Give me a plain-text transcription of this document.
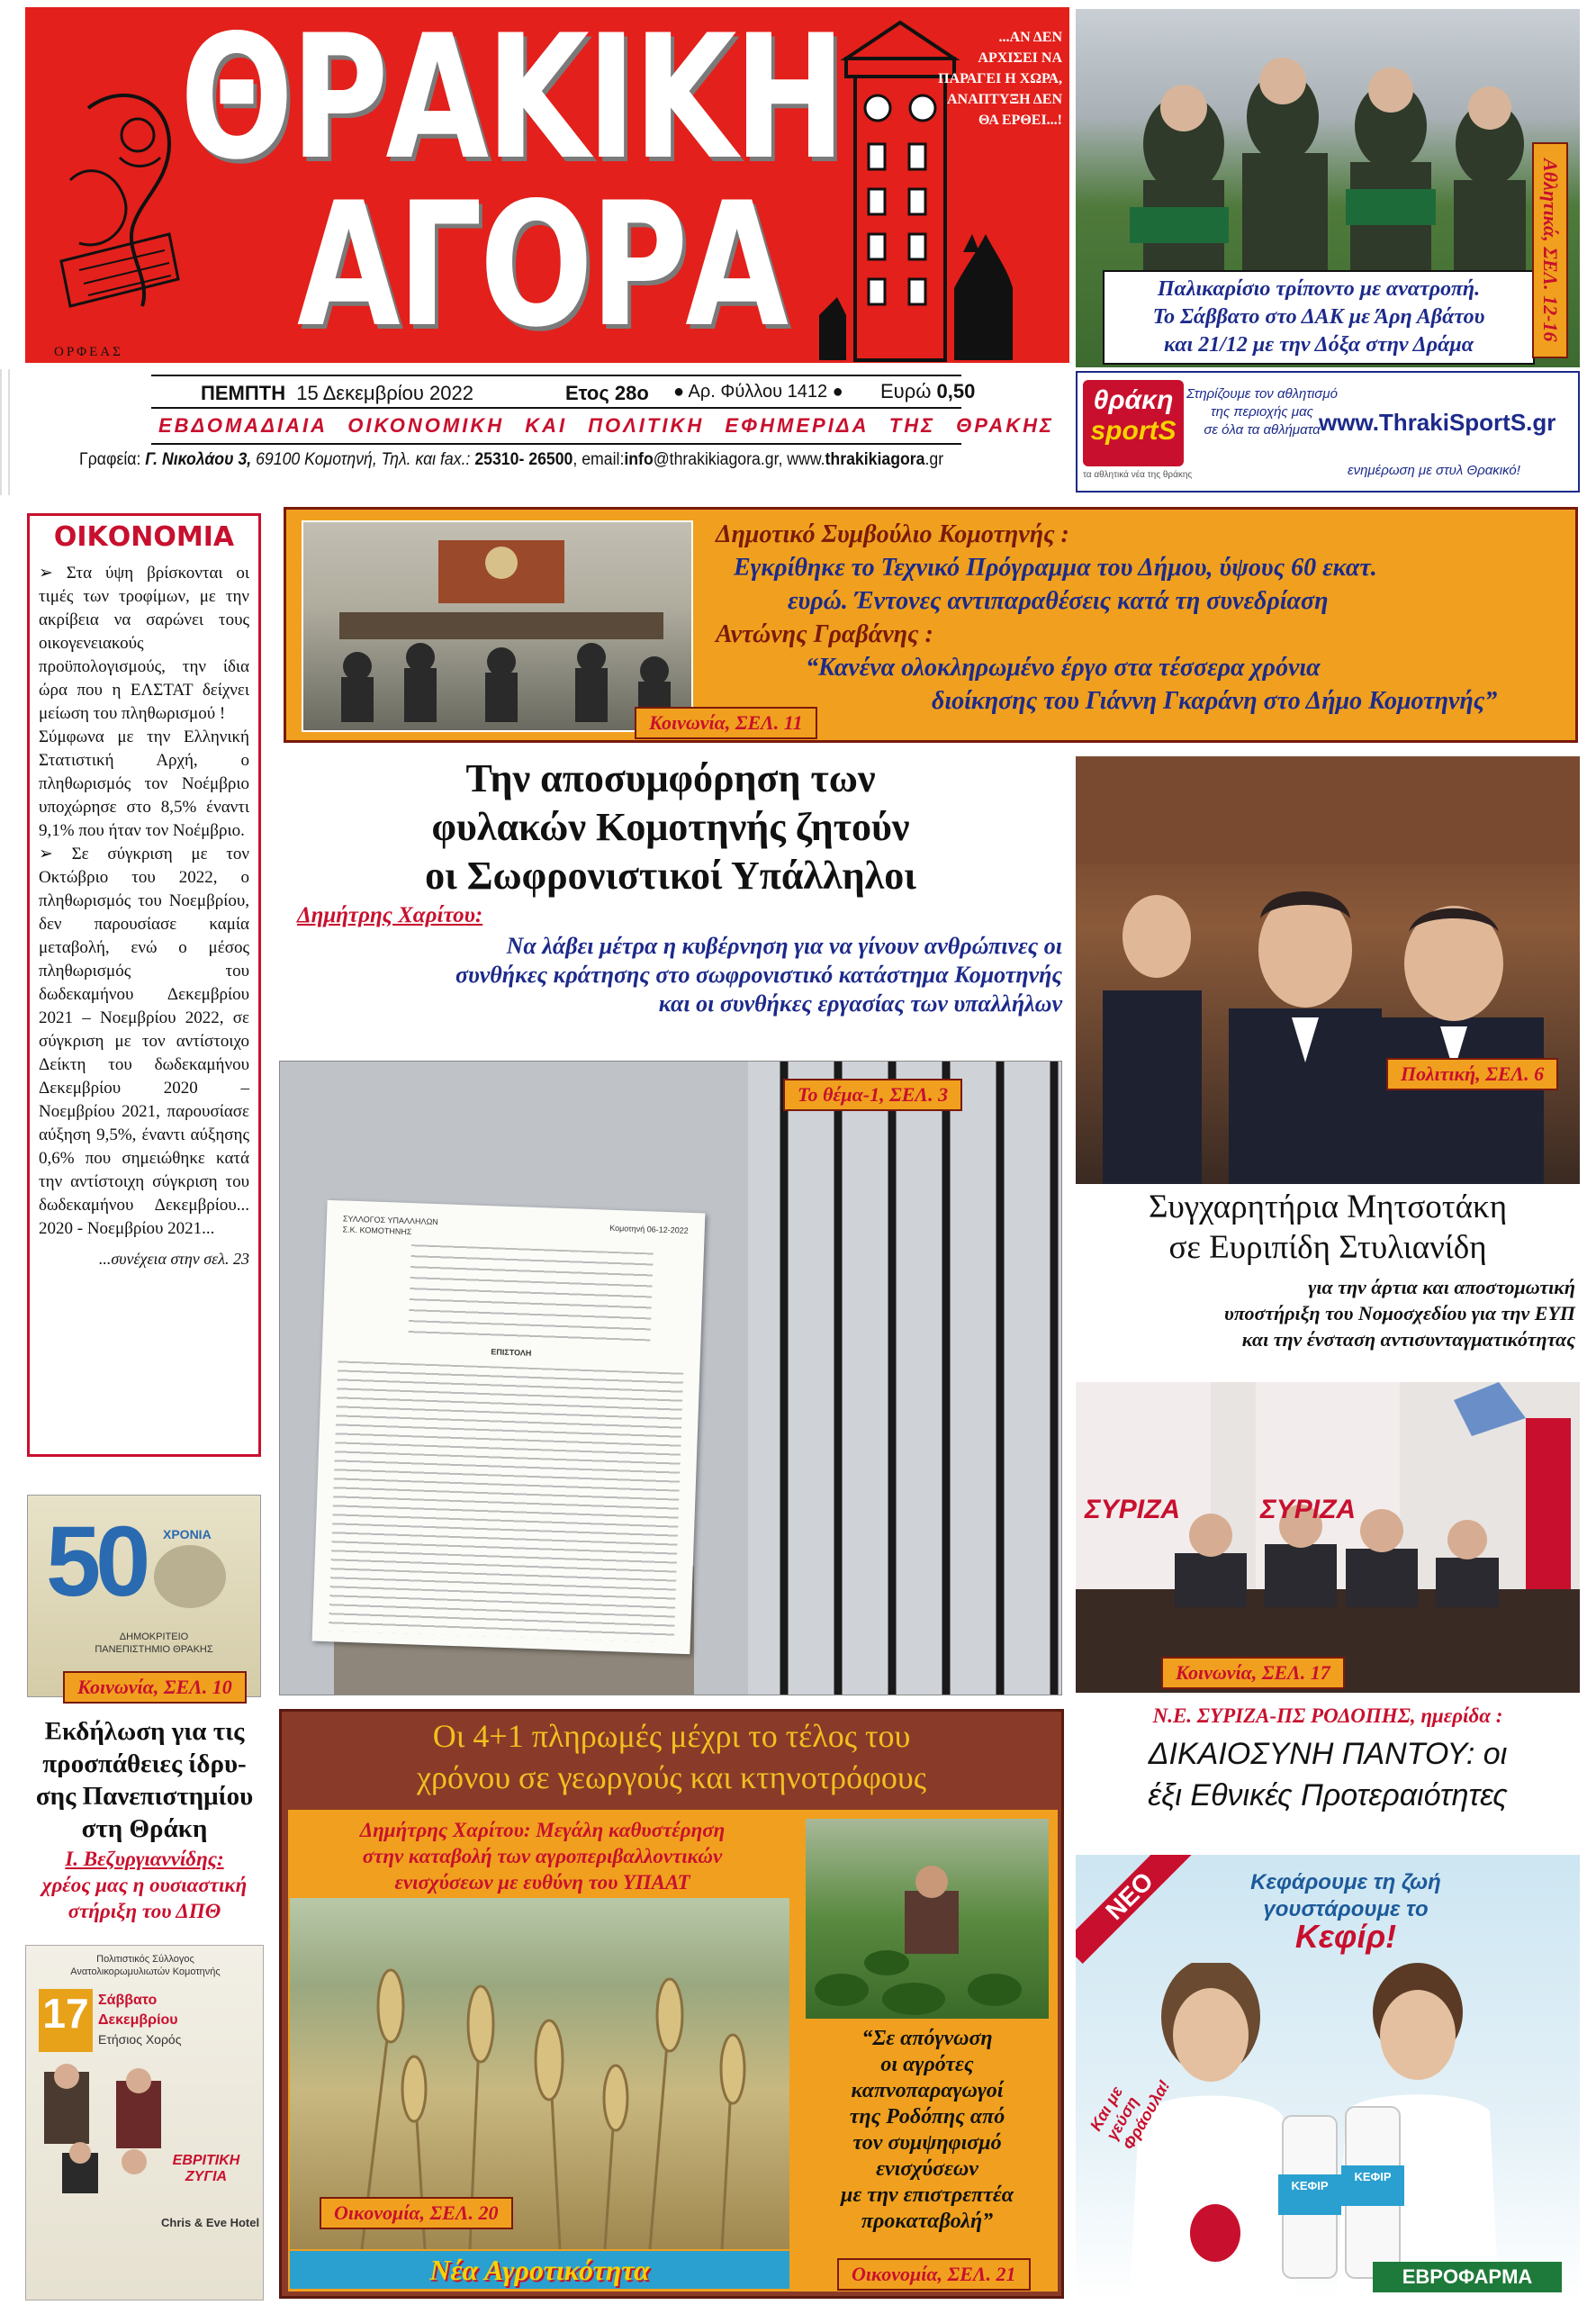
ΟΡΦΕΑΣ
ΘΡΑΚΙΚΗ
ΑΓΟΡΑ
...ΑΝ ΔΕΝ ΑΡΧΙΣΕΙ ΝΑ ΠΑΡΑΓΕΙ Η ΧΩΡΑ, ΑΝΑΠΤΥΞΗ ΔΕΝ ΘΑ ΕΡΘΕΙ...!
ΠΕΜΠΤΗ 15 Δεκεμβρίου 2022	Ετος 28ο ● Αρ. Φύλλου 1412 ● Ευρώ 0,50
ΕΒΔΟΜΑΔΙΑΙΑ ΟΙΚΟΝΟΜΙΚΗ ΚΑΙ ΠΟΛΙΤΙΚΗ ΕΦΗΜΕΡΙΔΑ ΤΗΣ ΘΡΑΚΗΣ
Γραφεία: Γ. Νικολάου 3, 69100 Κομοτηνή, Τηλ. και fax.: 25310- 26500, email:info@thrakikiagora.gr, www.thrakikiagora.gr
Παλικαρίσιο τρίποντο με ανατροπή.
Το Σάββατο στο ΔΑΚ με Άρη Αβάτου
και 21/12 με την Δόξα στην Δράμα
Αθλητικά, ΣΕΛ. 12-16
θράκη
sportS
τα αθλητικά νέα της θράκης
Στηρίζουμε τον αθλητισμό
της περιοχής μας
σε όλα τα αθλήματα
www.ThrakiSportS.gr
ενημέρωση με στυλ Θρακικό!
ΟΙΚΟΝΟΜΙΑ

➢ Στα ύψη βρίσκονται οι τιμές των τροφίμων, με την ακρίβεια να σαρώνει τους οικογενειακούς προϋπολογισμούς, την ίδια ώρα που η ΕΛΣΤΑΤ δείχνει μείωση του πληθωρισμού !

Σύμφωνα με την Ελληνική Στατιστική Αρχή, ο πληθωρισμός τον Νοέμβριο υποχώρησε στο 8,5% έναντι 9,1% που ήταν τον Νοέμβριο.

➢ Σε σύγκριση με τον Οκτώβριο του 2022, ο πληθωρισμός του Νοεμβρίου, δεν παρουσίασε καμία μεταβολή, ενώ ο μέσος πληθωρισμός του δωδεκαμήνου Δεκεμβρίου 2021 – Νοεμβρίου 2022, σε σύγκριση με τον αντίστοιχο Δείκτη του δωδεκαμήνου Δεκεμβρίου 2020 – Νοεμβρίου 2021, παρουσίασε αύξηση 9,5%, έναντι αύξησης 0,6% που σημειώθηκε κατά την αντίστοιχη σύγκριση του δωδεκαμήνου Δεκεμβρίου... 2020 - Νοεμβρίου 2021...

...συνέχεια στην σελ. 23
Κοινωνία, ΣΕΛ. 11
Δημοτικό Συμβούλιο Κομοτηνής :
Εγκρίθηκε το Τεχνικό Πρόγραμμα του Δήμου, ύψους 60 εκατ.
ευρώ. Έντονες αντιπαραθέσεις κατά τη συνεδρίαση
Αντώνης Γραβάνης :
“Κανένα ολοκληρωμένο έργο στα τέσσερα χρόνια
διοίκησης του Γιάννη Γκαράνη στο Δήμο Κομοτηνής”
Την αποσυμφόρηση των
φυλακών Κομοτηνής ζητούν
οι Σωφρονιστικοί Υπάλληλοι
Δημήτρης Χαρίτου:
Να λάβει μέτρα η κυβέρνηση για να γίνουν ανθρώπινες οι
συνθήκες κράτησης στο σωφρονιστικό κατάστημα Κομοτηνής
και οι συνθήκες εργασίας των υπαλλήλων
Το θέμα-1, ΣΕΛ. 3
ΣΥΛΛΟΓΟΣ ΥΠΑΛΛΗΛΩΝ
Σ.Κ. ΚΟΜΟΤΗΝΗΣ	Κομοτηνή 06-12-2022
ΕΠΙΣΤΟΛΗ
Πολιτική, ΣΕΛ. 6
Συγχαρητήρια Μητσοτάκη
σε Ευριπίδη Στυλιανίδη
για την άρτια και αποστομωτική
υποστήριξη του Νομοσχεδίου για την ΕΥΠ
και την ένσταση αντισυνταγματικότητας
ΣΥΡΙΖΑ	ΣΥΡΙΖΑ
Κοινωνία, ΣΕΛ. 17
Ν.Ε. ΣΥΡΙΖΑ-ΠΣ ΡΟΔΟΠΗΣ, ημερίδα :
ΔΙΚΑΙΟΣΥΝΗ ΠΑΝΤΟΥ: οι
έξι Εθνικές Προτεραιότητες
50 ΧΡΟΝΙΑ
ΔΗΜΟΚΡΙΤΕΙΟ
ΠΑΝΕΠΙΣΤΗΜΙΟ ΘΡΑΚΗΣ
Κοινωνία, ΣΕΛ. 10
Εκδήλωση για τις
προσπάθειες ίδρυ-
σης Πανεπιστημίου
στη Θράκη
Ι. Βεζυργιαννίδης:
χρέος μας η ουσιαστική
στήριξη του ΔΠΘ
Πολιτιστικός Σύλλογος
Ανατολικορωμυλιωτών Κομοτηνής
17 Σάββατο
Δεκεμβρίου
Ετήσιος Χορός
ΕΒΡΙΤΙΚΗ ΖΥΓΙΑ
Chris & Eve Hotel
Οι 4+1 πληρωμές μέχρι το τέλος του
χρόνου σε γεωργούς και κτηνοτρόφους
Δημήτρης Χαρίτου: Μεγάλη καθυστέρηση
στην καταβολή των αγροπεριβαλλοντικών
ενισχύσεων με ευθύνη του ΥΠΑΑΤ
Οικονομία, ΣΕΛ. 20
Νέα Αγροτικότητα
“Σε απόγνωση
οι αγρότες
καπνοπαραγωγοί
της Ροδόπης από
τον συμψηφισμό
ενισχύσεων
με την επιστρεπτέα
προκαταβολή”
Οικονομία, ΣΕΛ. 21
ΝΕΟ	Κεφάρουμε τη ζωή
γουστάρουμε το
Κεφίρ!
ΚΕΦΙΡ
ΚΕΦΙΡ
Και με γεύση Φράουλα!
ΕΒΡΟΦΑΡΜΑ
